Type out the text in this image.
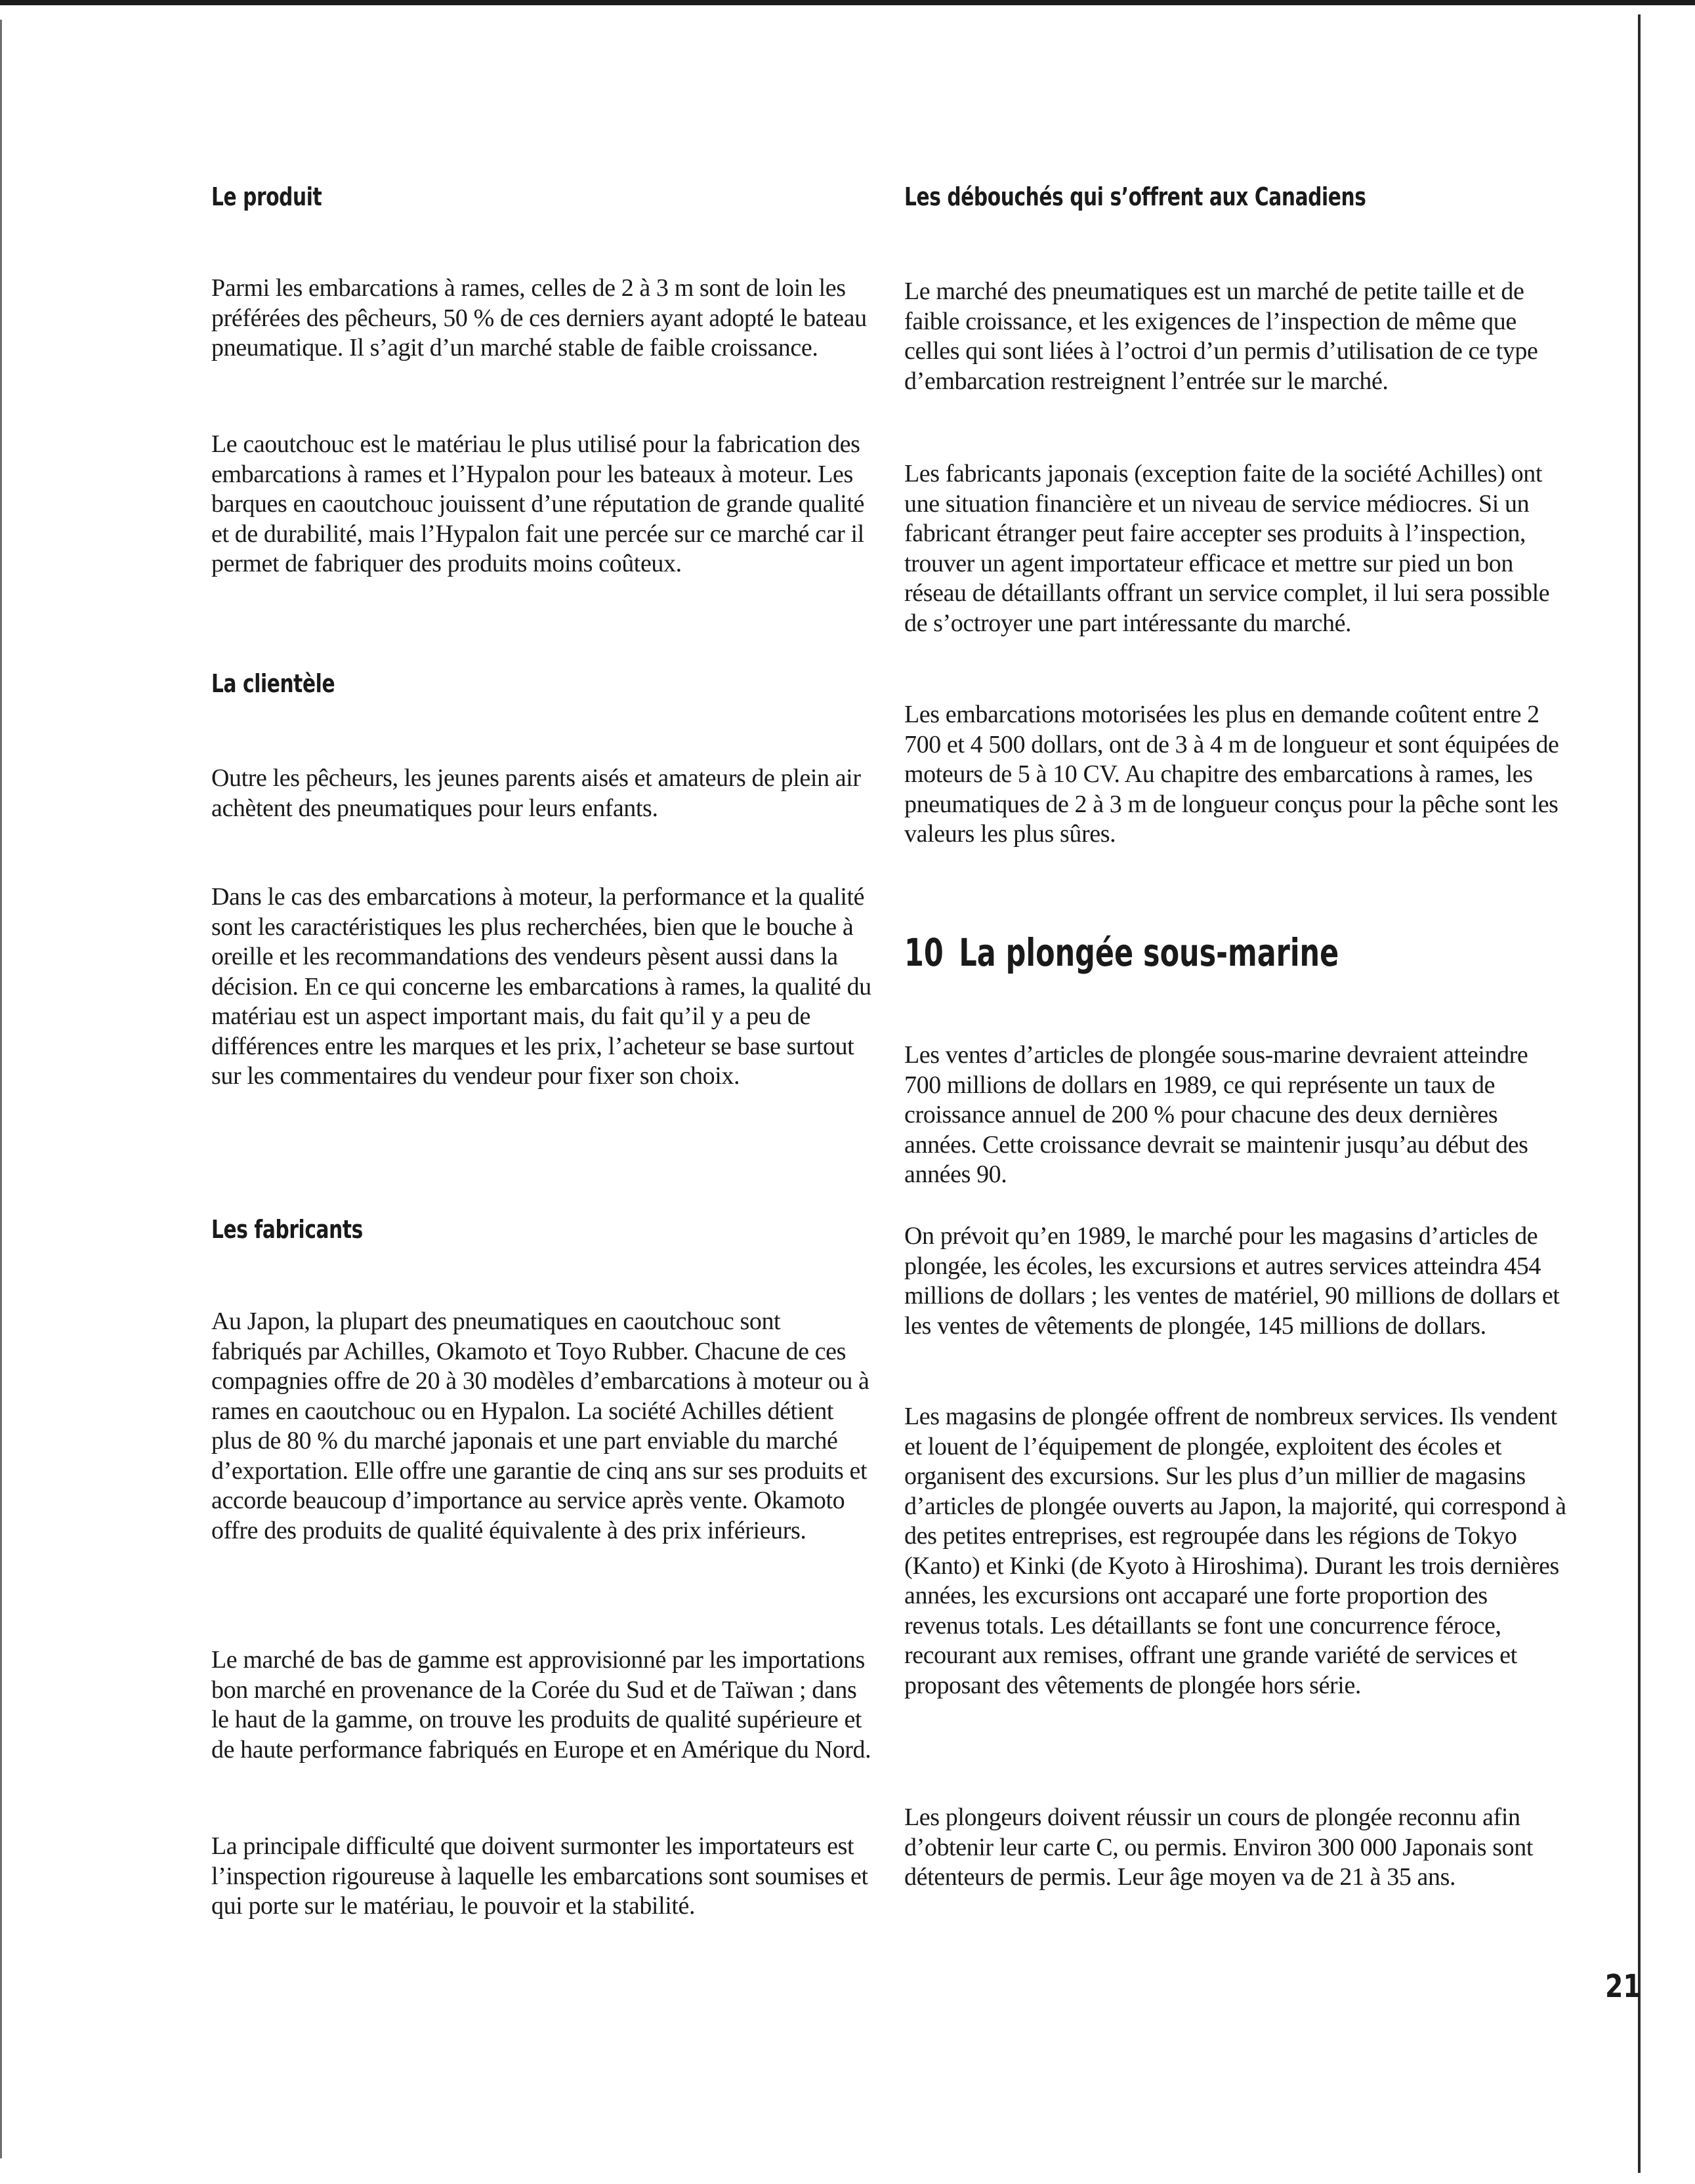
Le produit

Parmi les embarcations à rames, celles de 2 à 3 m sont de loin les préférées des pêcheurs, 50 % de ces derniers ayant adopté le bateau pneumatique. Il s’agit d’un marché stable de faible croissance.

Le caoutchouc est le matériau le plus utilisé pour la fabrication des embarcations à rames et l’Hypalon pour les bateaux à moteur. Les barques en caoutchouc jouissent d’une réputation de grande qualité et de durabilité, mais l’Hypalon fait une percée sur ce marché car il permet de fabriquer des produits moins coûteux.

La clientèle

Outre les pêcheurs, les jeunes parents aisés et amateurs de plein air achètent des pneumatiques pour leurs enfants.

Dans le cas des embarcations à moteur, la performance et la qualité sont les caractéristiques les plus recherchées, bien que le bouche à oreille et les recommandations des vendeurs pèsent aussi dans la décision. En ce qui concerne les embarcations à rames, la qualité du matériau est un aspect important mais, du fait qu’il y a peu de différences entre les marques et les prix, l’acheteur se base surtout sur les commentaires du vendeur pour fixer son choix.

Les fabricants

Au Japon, la plupart des pneumatiques en caoutchouc sont fabriqués par Achilles, Okamoto et Toyo Rubber. Chacune de ces compagnies offre de 20 à 30 modèles d’embarcations à moteur ou à rames en caoutchouc ou en Hypalon. La société Achilles détient plus de 80 % du marché japonais et une part enviable du marché d’exportation. Elle offre une garantie de cinq ans sur ses produits et accorde beaucoup d’importance au service après vente. Okamoto offre des produits de qualité équivalente à des prix inférieurs.

Le marché de bas de gamme est approvisionné par les importations bon marché en provenance de la Corée du Sud et de Taïwan ; dans le haut de la gamme, on trouve les produits de qualité supérieure et de haute performance fabriqués en Europe et en Amérique du Nord.

La principale difficulté que doivent surmonter les importateurs est l’inspection rigoureuse à laquelle les embarcations sont soumises et qui porte sur le matériau, le pouvoir et la stabilité.

Les débouchés qui s’offrent aux Canadiens

Le marché des pneumatiques est un marché de petite taille et de faible croissance, et les exigences de l’inspection de même que celles qui sont liées à l’octroi d’un permis d’utilisation de ce type d’embarcation restreignent l’entrée sur le marché.

Les fabricants japonais (exception faite de la société Achilles) ont une situation financière et un niveau de service médiocres. Si un fabricant étranger peut faire accepter ses produits à l’inspection, trouver un agent importateur efficace et mettre sur pied un bon réseau de détaillants offrant un service complet, il lui sera possible de s’octroyer une part intéressante du marché.

Les embarcations motorisées les plus en demande coûtent entre 2 700 et 4 500 dollars, ont de 3 à 4 m de longueur et sont équipées de moteurs de 5 à 10 CV. Au chapitre des embarcations à rames, les pneumatiques de 2 à 3 m de longueur conçus pour la pêche sont les valeurs les plus sûres.

10 La plongée sous-marine

Les ventes d’articles de plongée sous-marine devraient atteindre 700 millions de dollars en 1989, ce qui représente un taux de croissance annuel de 200 % pour chacune des deux dernières années. Cette croissance devrait se maintenir jusqu’au début des années 90.

On prévoit qu’en 1989, le marché pour les magasins d’articles de plongée, les écoles, les excursions et autres services atteindra 454 millions de dollars ; les ventes de matériel, 90 millions de dollars et les ventes de vêtements de plongée, 145 millions de dollars.

Les magasins de plongée offrent de nombreux services. Ils vendent et louent de l’équipement de plongée, exploitent des écoles et organisent des excursions. Sur les plus d’un millier de magasins d’articles de plongée ouverts au Japon, la majorité, qui correspond à des petites entreprises, est regroupée dans les régions de Tokyo (Kanto) et Kinki (de Kyoto à Hiroshima). Durant les trois dernières années, les excursions ont accaparé une forte proportion des revenus totals. Les détaillants se font une concurrence féroce, recourant aux remises, offrant une grande variété de services et proposant des vêtements de plongée hors série.

Les plongeurs doivent réussir un cours de plongée reconnu afin d’obtenir leur carte C, ou permis. Environ 300 000 Japonais sont détenteurs de permis. Leur âge moyen va de 21 à 35 ans.

21
